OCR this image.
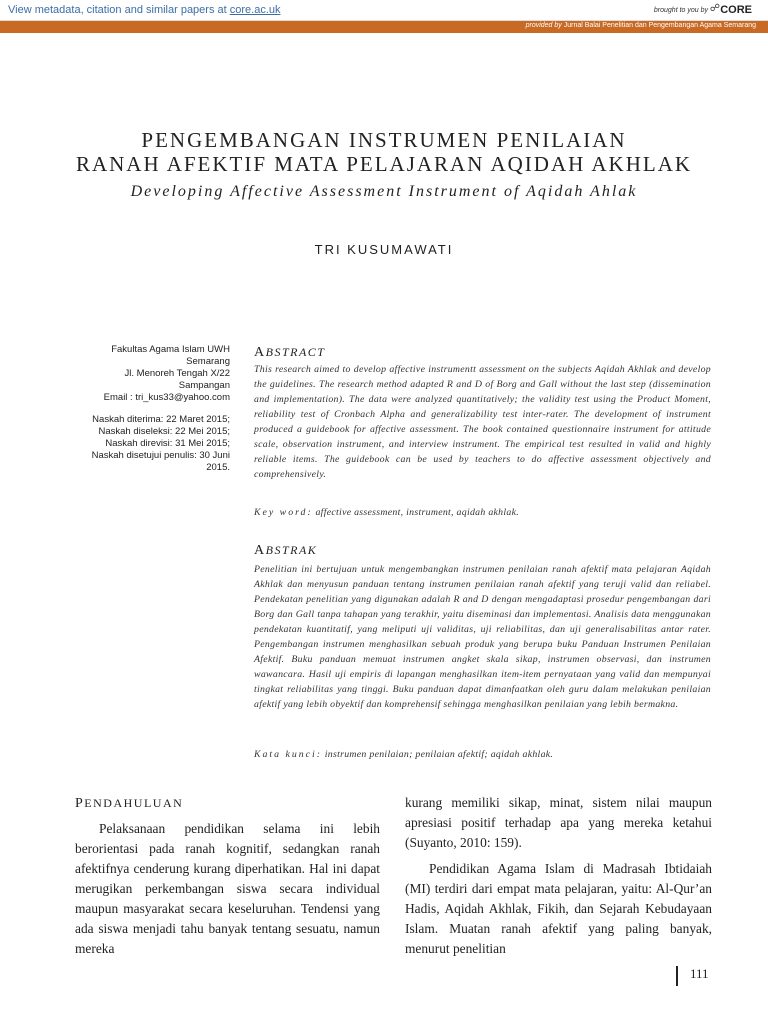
View metadata, citation and similar papers at core.ac.uk	brought to you by ☍ CORE
provided by Jurnal Balai Penelitian dan Pengembangan Agama Semarang
PENGEMBANGAN INSTRUMEN PENILAIAN
RANAH AFEKTIF MATA PELAJARAN AQIDAH AKHLAK
Developing Affective Assessment Instrument of Aqidah Ahlak
TRI KUSUMAWATI
Fakultas Agama Islam UWH
Semarang
Jl. Menoreh Tengah X/22
Sampangan
Email : tri_kus33@yahoo.com
Naskah diterima: 22 Maret 2015;
Naskah diseleksi: 22 Mei 2015;
Naskah direvisi: 31 Mei 2015;
Naskah disetujui penulis: 30 Juni
2015.
ABSTRACT
This research aimed to develop affective instrumentt assessment on the subjects Aqidah Akhlak and develop the guidelines. The research method adapted R and D of Borg and Gall without the last step (dissemination and implementation). The data were analyzed quantitatively; the validity test using the Product Moment, reliability test of Cronbach Alpha and generalizability test inter-rater. The development of instrument produced a guidebook for affective assessment. The book contained questionnaire instrument for attitude scale, observation instrument, and interview instrument. The empirical test resulted in valid and highly reliable items. The guidebook can be used by teachers to do affective assessment objectively and comprehensively.
Key word: affective assessment, instrument, aqidah akhlak.
ABSTRAK
Penelitian ini bertujuan untuk mengembangkan instrumen penilaian ranah afektif mata pelajaran Aqidah Akhlak dan menyusun panduan tentang instrumen penilaian ranah afektif yang teruji valid dan reliabel. Pendekatan penelitian yang digunakan adalah R and D dengan mengadaptasi prosedur pengembangan dari Borg dan Gall tanpa tahapan yang terakhir, yaitu diseminasi dan implementasi. Analisis data menggunakan pendekatan kuantitatif, yang meliputi uji validitas, uji reliabilitas, dan uji generalisabilitas antar rater. Pengembangan instrumen menghasilkan sebuah produk yang berupa buku Panduan Instrumen Penilaian Afektif. Buku panduan memuat instrumen angket skala sikap, instrumen observasi, dan instrumen wawancara. Hasil uji empiris di lapangan menghasilkan item-item pernyataan yang valid dan mempunyai tingkat reliabilitas yang tinggi. Buku panduan dapat dimanfaatkan oleh guru dalam melakukan penilaian afektif yang lebih obyektif dan komprehensif sehingga menghasilkan penilaian yang lebih bermakna.
Kata kunci: instrumen penilaian; penilaian afektif; aqidah akhlak.
PENDAHULUAN

Pelaksanaan pendidikan selama ini lebih berorientasi pada ranah kognitif, sedangkan ranah afektifnya cenderung kurang diperhatikan. Hal ini dapat merugikan perkembangan siswa secara individual maupun masyarakat secara keseluruhan. Tendensi yang ada siswa menjadi tahu banyak tentang sesuatu, namun mereka

kurang memiliki sikap, minat, sistem nilai maupun apresiasi positif terhadap apa yang mereka ketahui (Suyanto, 2010: 159).

Pendidikan Agama Islam di Madrasah Ibtidaiah (MI) terdiri dari empat mata pelajaran, yaitu: Al-Qur’an Hadis, Aqidah Akhlak, Fikih, dan Sejarah Kebudayaan Islam. Muatan ranah afektif yang paling banyak, menurut penelitian

111
